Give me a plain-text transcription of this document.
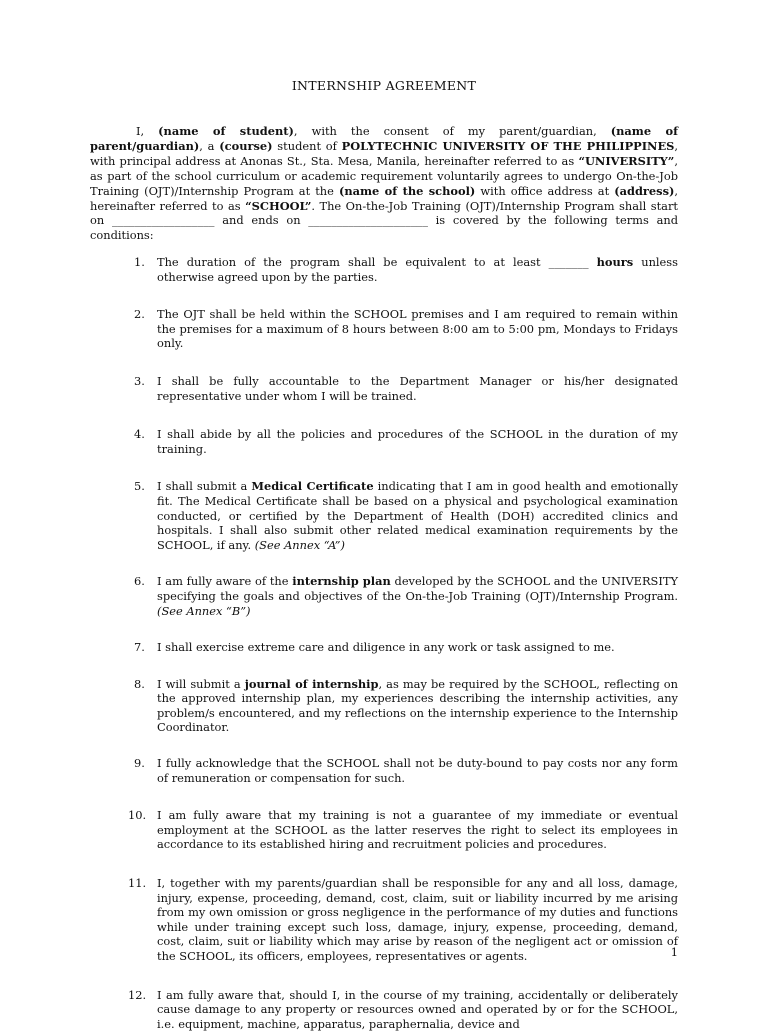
INTERNSHIP AGREEMENT

I, (name of student), with the consent of my parent/guardian, (name of parent/guardian), a (course) student of POLYTECHNIC UNIVERSITY OF THE PHILIPPINES, with principal address at Anonas St., Sta. Mesa, Manila, hereinafter referred to as “UNIVERSITY”, as part of the school curriculum or academic requirement voluntarily agrees to undergo On-the-Job Training (OJT)/Internship Program at the (name of the school) with office address at (address), hereinafter referred to as “SCHOOL”. The On-the-Job Training (OJT)/Internship Program shall start on __________________ and ends on _____________________ is covered by the following terms and conditions:

1. The duration of the program shall be equivalent to at least _______ hours unless otherwise agreed upon by the parties.
2. The OJT shall be held within the SCHOOL premises and I am required to remain within the premises for a maximum of 8 hours between 8:00 am to 5:00 pm, Mondays to Fridays only.
3. I shall be fully accountable to the Department Manager or his/her designated representative under whom I will be trained.
4. I shall abide by all the policies and procedures of the SCHOOL in the duration of my training.
5. I shall submit a Medical Certificate indicating that I am in good health and emotionally fit. The Medical Certificate shall be based on a physical and psychological examination conducted, or certified by the Department of Health (DOH) accredited clinics and hospitals. I shall also submit other related medical examination requirements by the SCHOOL, if any. (See Annex “A”)
6. I am fully aware of the internship plan developed by the SCHOOL and the UNIVERSITY specifying the goals and objectives of the On-the-Job Training (OJT)/Internship Program. (See Annex “B”)
7. I shall exercise extreme care and diligence in any work or task assigned to me.
8. I will submit a journal of internship, as may be required by the SCHOOL, reflecting on the approved internship plan, my experiences describing the internship activities, any problem/s encountered, and my reflections on the internship experience to the Internship Coordinator.
9. I fully acknowledge that the SCHOOL shall not be duty-bound to pay costs nor any form of remuneration or compensation for such.
10. I am fully aware that my training is not a guarantee of my immediate or eventual employment at the SCHOOL as the latter reserves the right to select its employees in accordance to its established hiring and recruitment policies and procedures.
11. I, together with my parents/guardian shall be responsible for any and all loss, damage, injury, expense, proceeding, demand, cost, claim, suit or liability incurred by me arising from my own omission or gross negligence in the performance of my duties and functions while under training except such loss, damage, injury, expense, proceeding, demand, cost, claim, suit or liability which may arise by reason of the negligent act or omission of the SCHOOL, its officers, employees, representatives or agents.
12. I am fully aware that, should I, in the course of my training, accidentally or deliberately cause damage to any property or resources owned and operated by or for the SCHOOL, i.e. equipment, machine, apparatus, paraphernalia, device and
1
